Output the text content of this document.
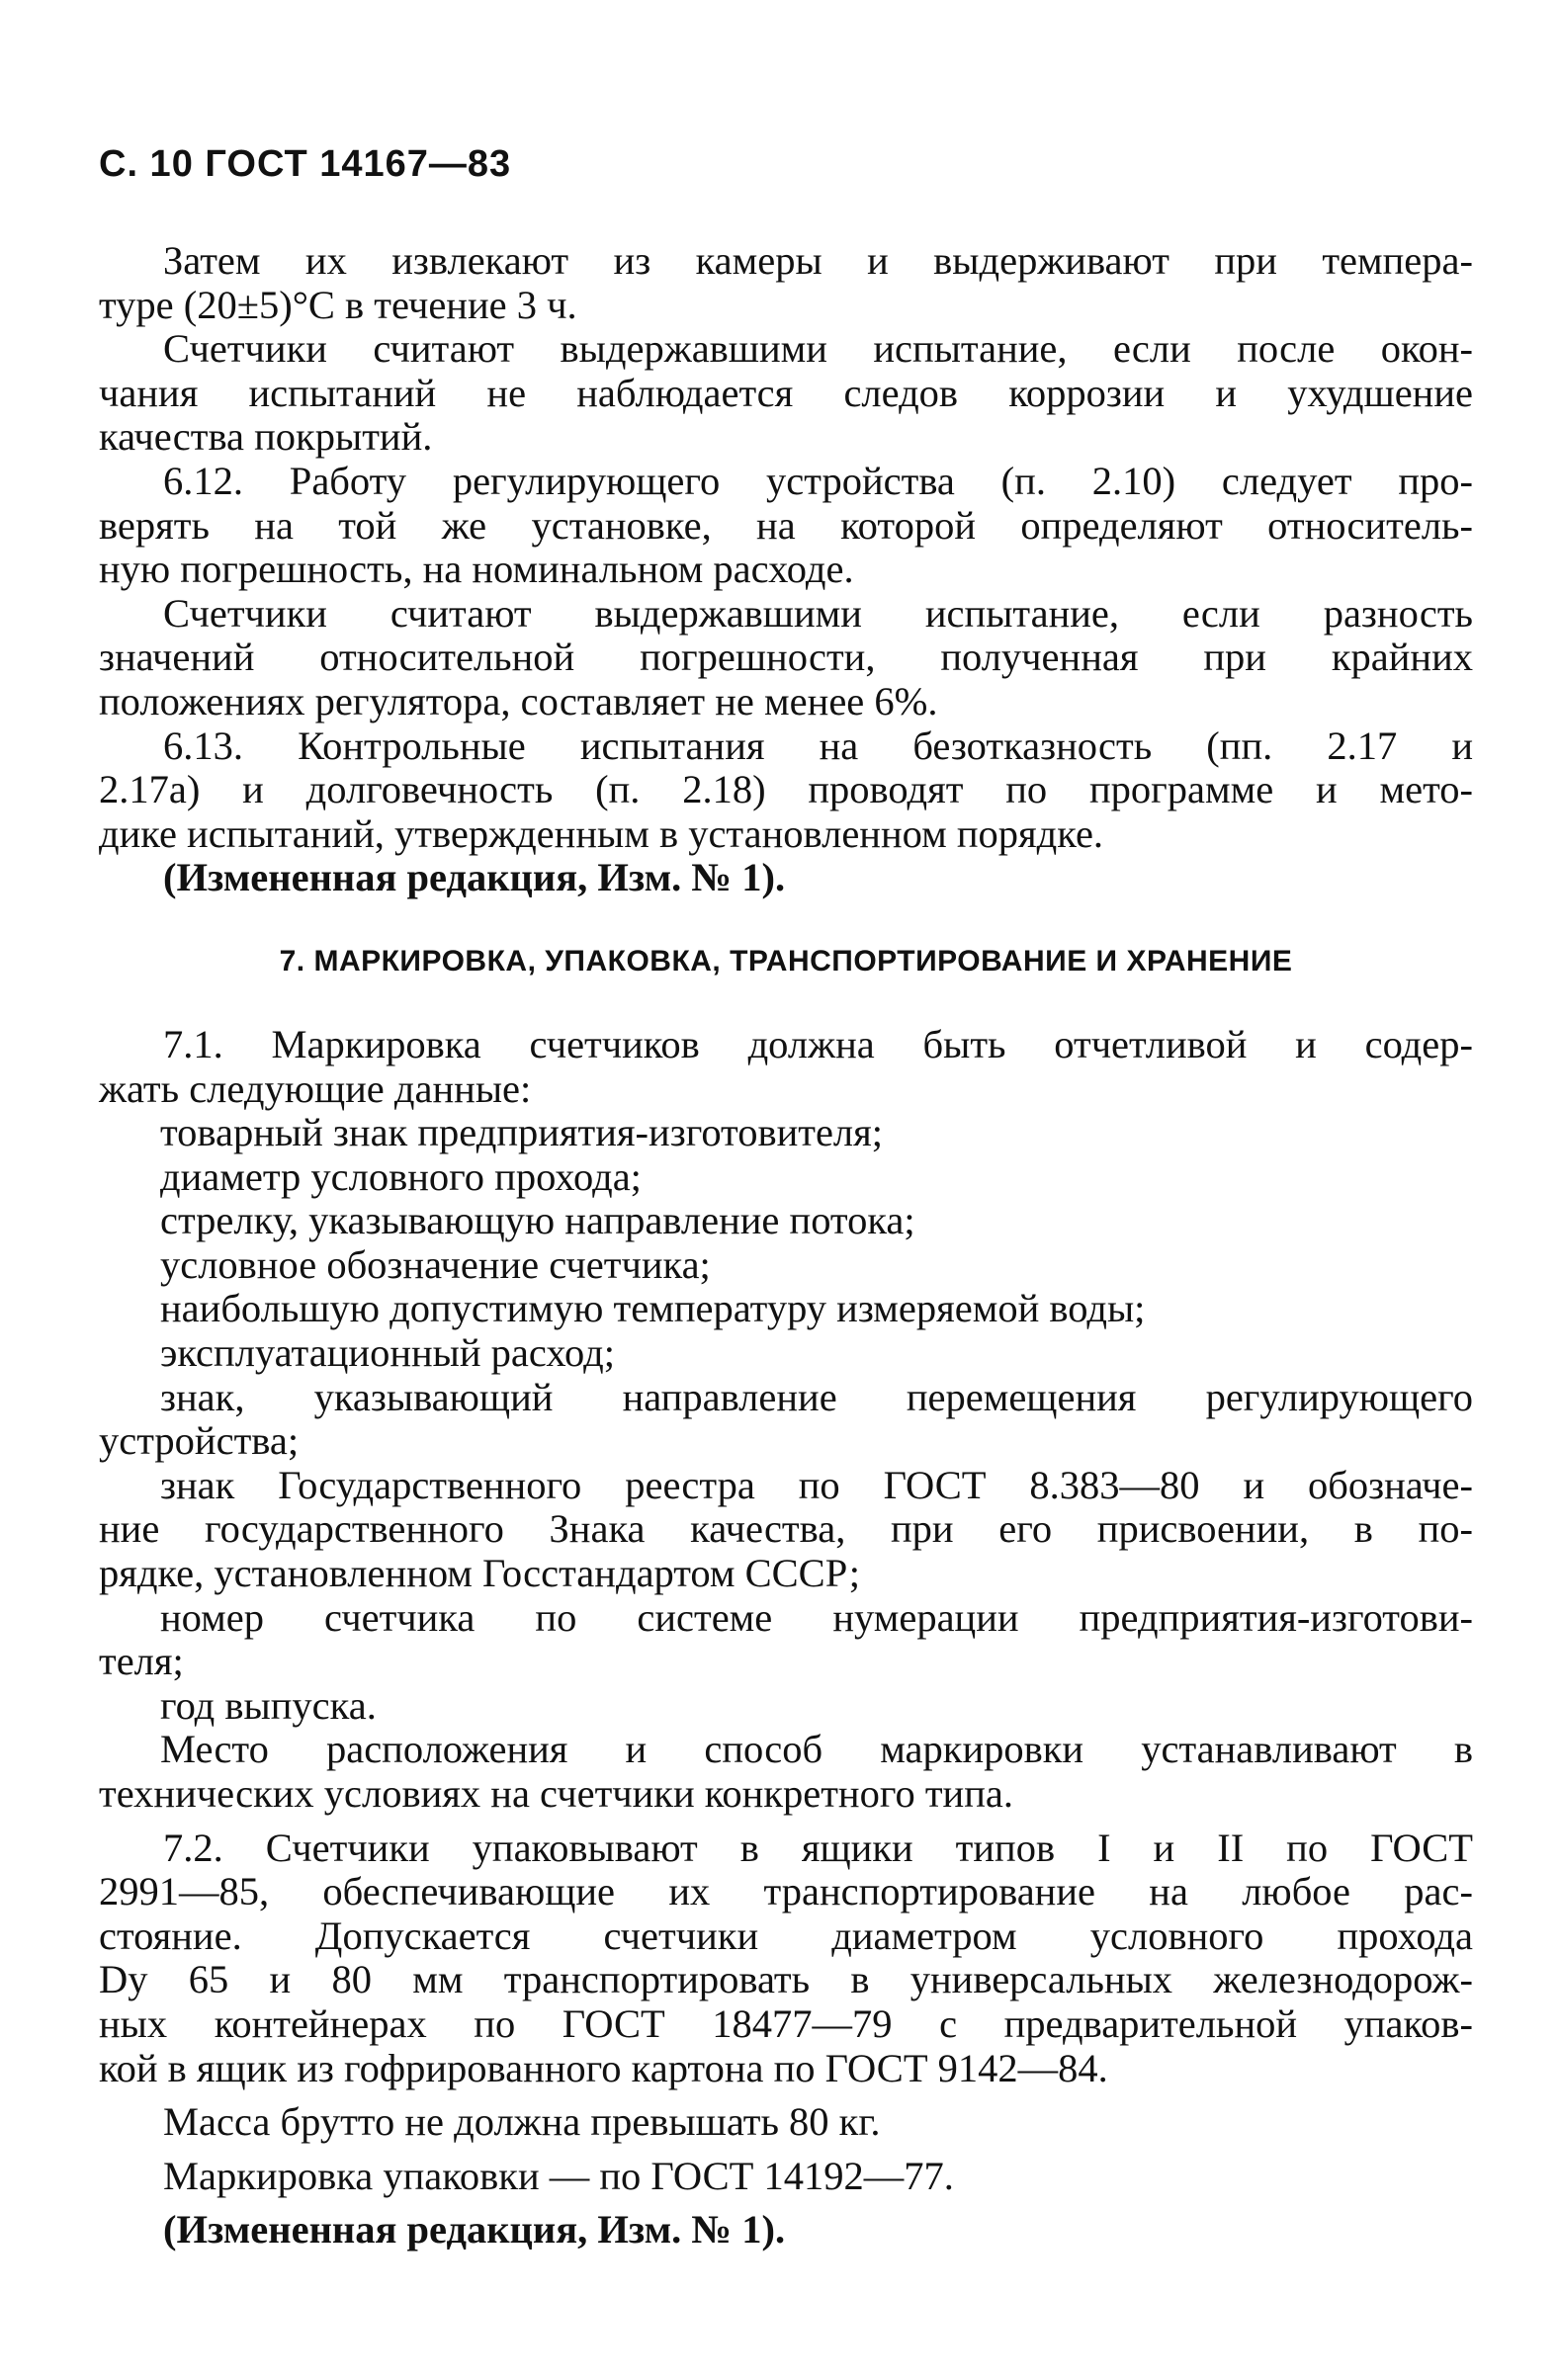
С. 10 ГОСТ 14167—83
Затем их извлекают из камеры и выдерживают при темпера-
туре (20±5)°С в течение 3 ч.
Счетчики считают выдержавшими испытание, если после окон-
чания испытаний не наблюдается следов коррозии и ухудшение
качества покрытий.
6.12. Работу регулирующего устройства (п. 2.10) следует про-
верять на той же установке, на которой определяют относитель-
ную погрешность, на номинальном расходе.
Счетчики считают выдержавшими испытание, если разность
значений относительной погрешности, полученная при крайних
положениях регулятора, составляет не менее 6%.
6.13. Контрольные испытания на безотказность (пп. 2.17 и
2.17а) и долговечность (п. 2.18) проводят по программе и мето-
дике испытаний, утвержденным в установленном порядке.
(Измененная редакция, Изм. № 1).
7. МАРКИРОВКА, УПАКОВКА, ТРАНСПОРТИРОВАНИЕ И ХРАНЕНИЕ
7.1. Маркировка счетчиков должна быть отчетливой и содер-
жать следующие данные:
товарный знак предприятия-изготовителя;
диаметр условного прохода;
стрелку, указывающую направление потока;
условное обозначение счетчика;
наибольшую допустимую температуру измеряемой воды;
эксплуатационный расход;
знак, указывающий направление перемещения регулирующего
устройства;
знак Государственного реестра по ГОСТ 8.383—80 и обозначе-
ние государственного Знака качества, при его присвоении, в по-
рядке, установленном Госстандартом СССР;
номер счетчика по системе нумерации предприятия-изготови-
теля;
год выпуска.
Место расположения и способ маркировки устанавливают в
технических условиях на счетчики конкретного типа.
7.2. Счетчики упаковывают в ящики типов I и II по ГОСТ
2991—85, обеспечивающие их транспортирование на любое рас-
стояние. Допускается счетчики диаметром условного прохода
Dу 65 и 80 мм транспортировать в универсальных железнодорож-
ных контейнерах по ГОСТ 18477—79 с предварительной упаков-
кой в ящик из гофрированного картона по ГОСТ 9142—84.
Масса брутто не должна превышать 80 кг.
Маркировка упаковки — по ГОСТ 14192—77.
(Измененная редакция, Изм. № 1).
